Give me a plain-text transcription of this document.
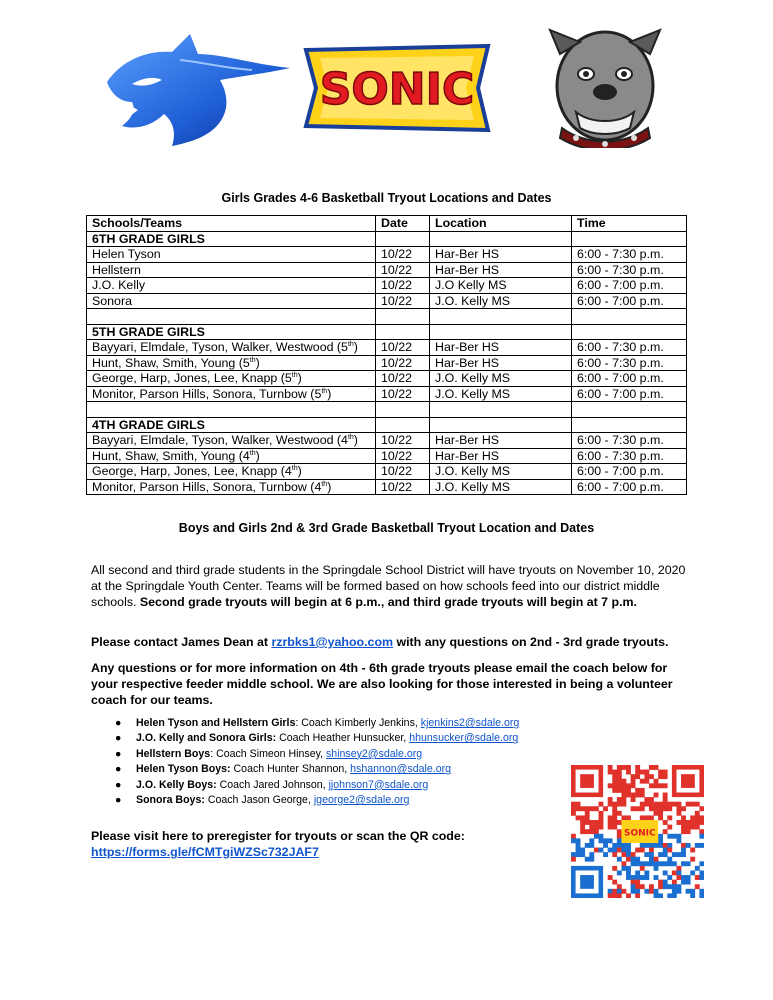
SONIC
Girls Grades 4-6 Basketball Tryout Locations and Dates
Schools/Teams	Date	Location	Time
6TH GRADE GIRLS			
Helen Tyson	10/22	Har-Ber HS	6:00 - 7:30 p.m.
Hellstern	10/22	Har-Ber HS	6:00 - 7:30 p.m.
J.O. Kelly	10/22	J.O Kelly MS	6:00 - 7:00 p.m.
Sonora	10/22	J.O. Kelly MS	6:00 - 7:00 p.m.

5TH GRADE GIRLS			
Bayyari, Elmdale, Tyson, Walker, Westwood (5th)	10/22	Har-Ber HS	6:00 - 7:30 p.m.
Hunt, Shaw, Smith, Young (5th)	10/22	Har-Ber HS	6:00 - 7:30 p.m.
George, Harp, Jones, Lee, Knapp (5th)	10/22	J.O. Kelly MS	6:00 - 7:00 p.m.
Monitor, Parson Hills, Sonora, Turnbow (5th)	10/22	J.O. Kelly MS	6:00 - 7:00 p.m.

4TH GRADE GIRLS			
Bayyari, Elmdale, Tyson, Walker, Westwood (4th)	10/22	Har-Ber HS	6:00 - 7:30 p.m.
Hunt, Shaw, Smith, Young (4th)	10/22	Har-Ber HS	6:00 - 7:30 p.m.
George, Harp, Jones, Lee, Knapp (4th)	10/22	J.O. Kelly MS	6:00 - 7:00 p.m.
Monitor, Parson Hills, Sonora, Turnbow (4th)	10/22	J.O. Kelly MS	6:00 - 7:00 p.m.
Boys and Girls 2nd & 3rd Grade Basketball Tryout Location and Dates
All second and third grade students in the Springdale School District will have tryouts on November 10, 2020 at the Springdale Youth Center. Teams will be formed based on how schools feed into our district middle schools. Second grade tryouts will begin at 6 p.m., and third grade tryouts will begin at 7 p.m.
Please contact James Dean at rzrbks1@yahoo.com with any questions on 2nd - 3rd grade tryouts.
Any questions or for more information on 4th - 6th grade tryouts please email the coach below for your respective feeder middle school. We are also looking for those interested in being a volunteer coach for our teams.
● Helen Tyson and Hellstern Girls: Coach Kimberly Jenkins, kjenkins2@sdale.org
● J.O. Kelly and Sonora Girls: Coach Heather Hunsucker, hhunsucker@sdale.org
● Hellstern Boys: Coach Simeon Hinsey, shinsey2@sdale.org
● Helen Tyson Boys: Coach Hunter Shannon, hshannon@sdale.org
● J.O. Kelly Boys: Coach Jared Johnson, jjohnson7@sdale.org
● Sonora Boys: Coach Jason George, jgeorge2@sdale.org
Please visit here to preregister for tryouts or scan the QR code:
https://forms.gle/fCMTgiWZSc732JAF7
SONIC
